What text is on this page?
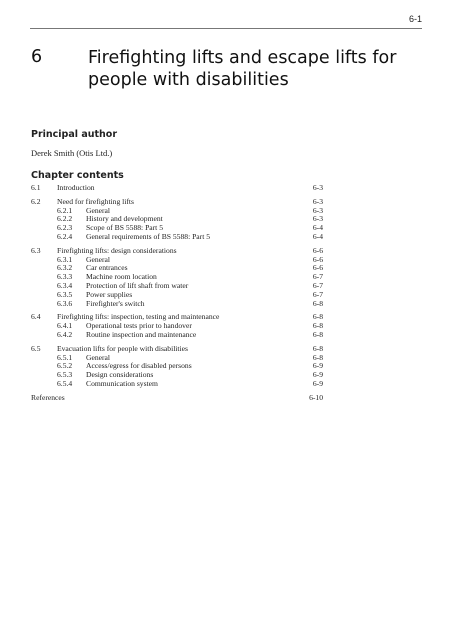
6-1
6	Firefighting lifts and escape lifts for people with disabilities
Principal author
Derek Smith (Otis Ltd.)
Chapter contents
6.1 Introduction	6-3
6.2 Need for firefighting lifts	6-3
6.2.1 General	6-3
6.2.2 History and development	6-3
6.2.3 Scope of BS 5588: Part 5	6-4
6.2.4 General requirements of BS 5588: Part 5	6-4
6.3 Firefighting lifts: design considerations	6-6
6.3.1 General	6-6
6.3.2 Car entrances	6-6
6.3.3 Machine room location	6-7
6.3.4 Protection of lift shaft from water	6-7
6.3.5 Power supplies	6-7
6.3.6 Firefighter's switch	6-8
6.4 Firefighting lifts: inspection, testing and maintenance	6-8
6.4.1 Operational tests prior to handover	6-8
6.4.2 Routine inspection and maintenance	6-8
6.5 Evacuation lifts for people with disabilities	6-8
6.5.1 General	6-8
6.5.2 Access/egress for disabled persons	6-9
6.5.3 Design considerations	6-9
6.5.4 Communication system	6-9
References	6-10
